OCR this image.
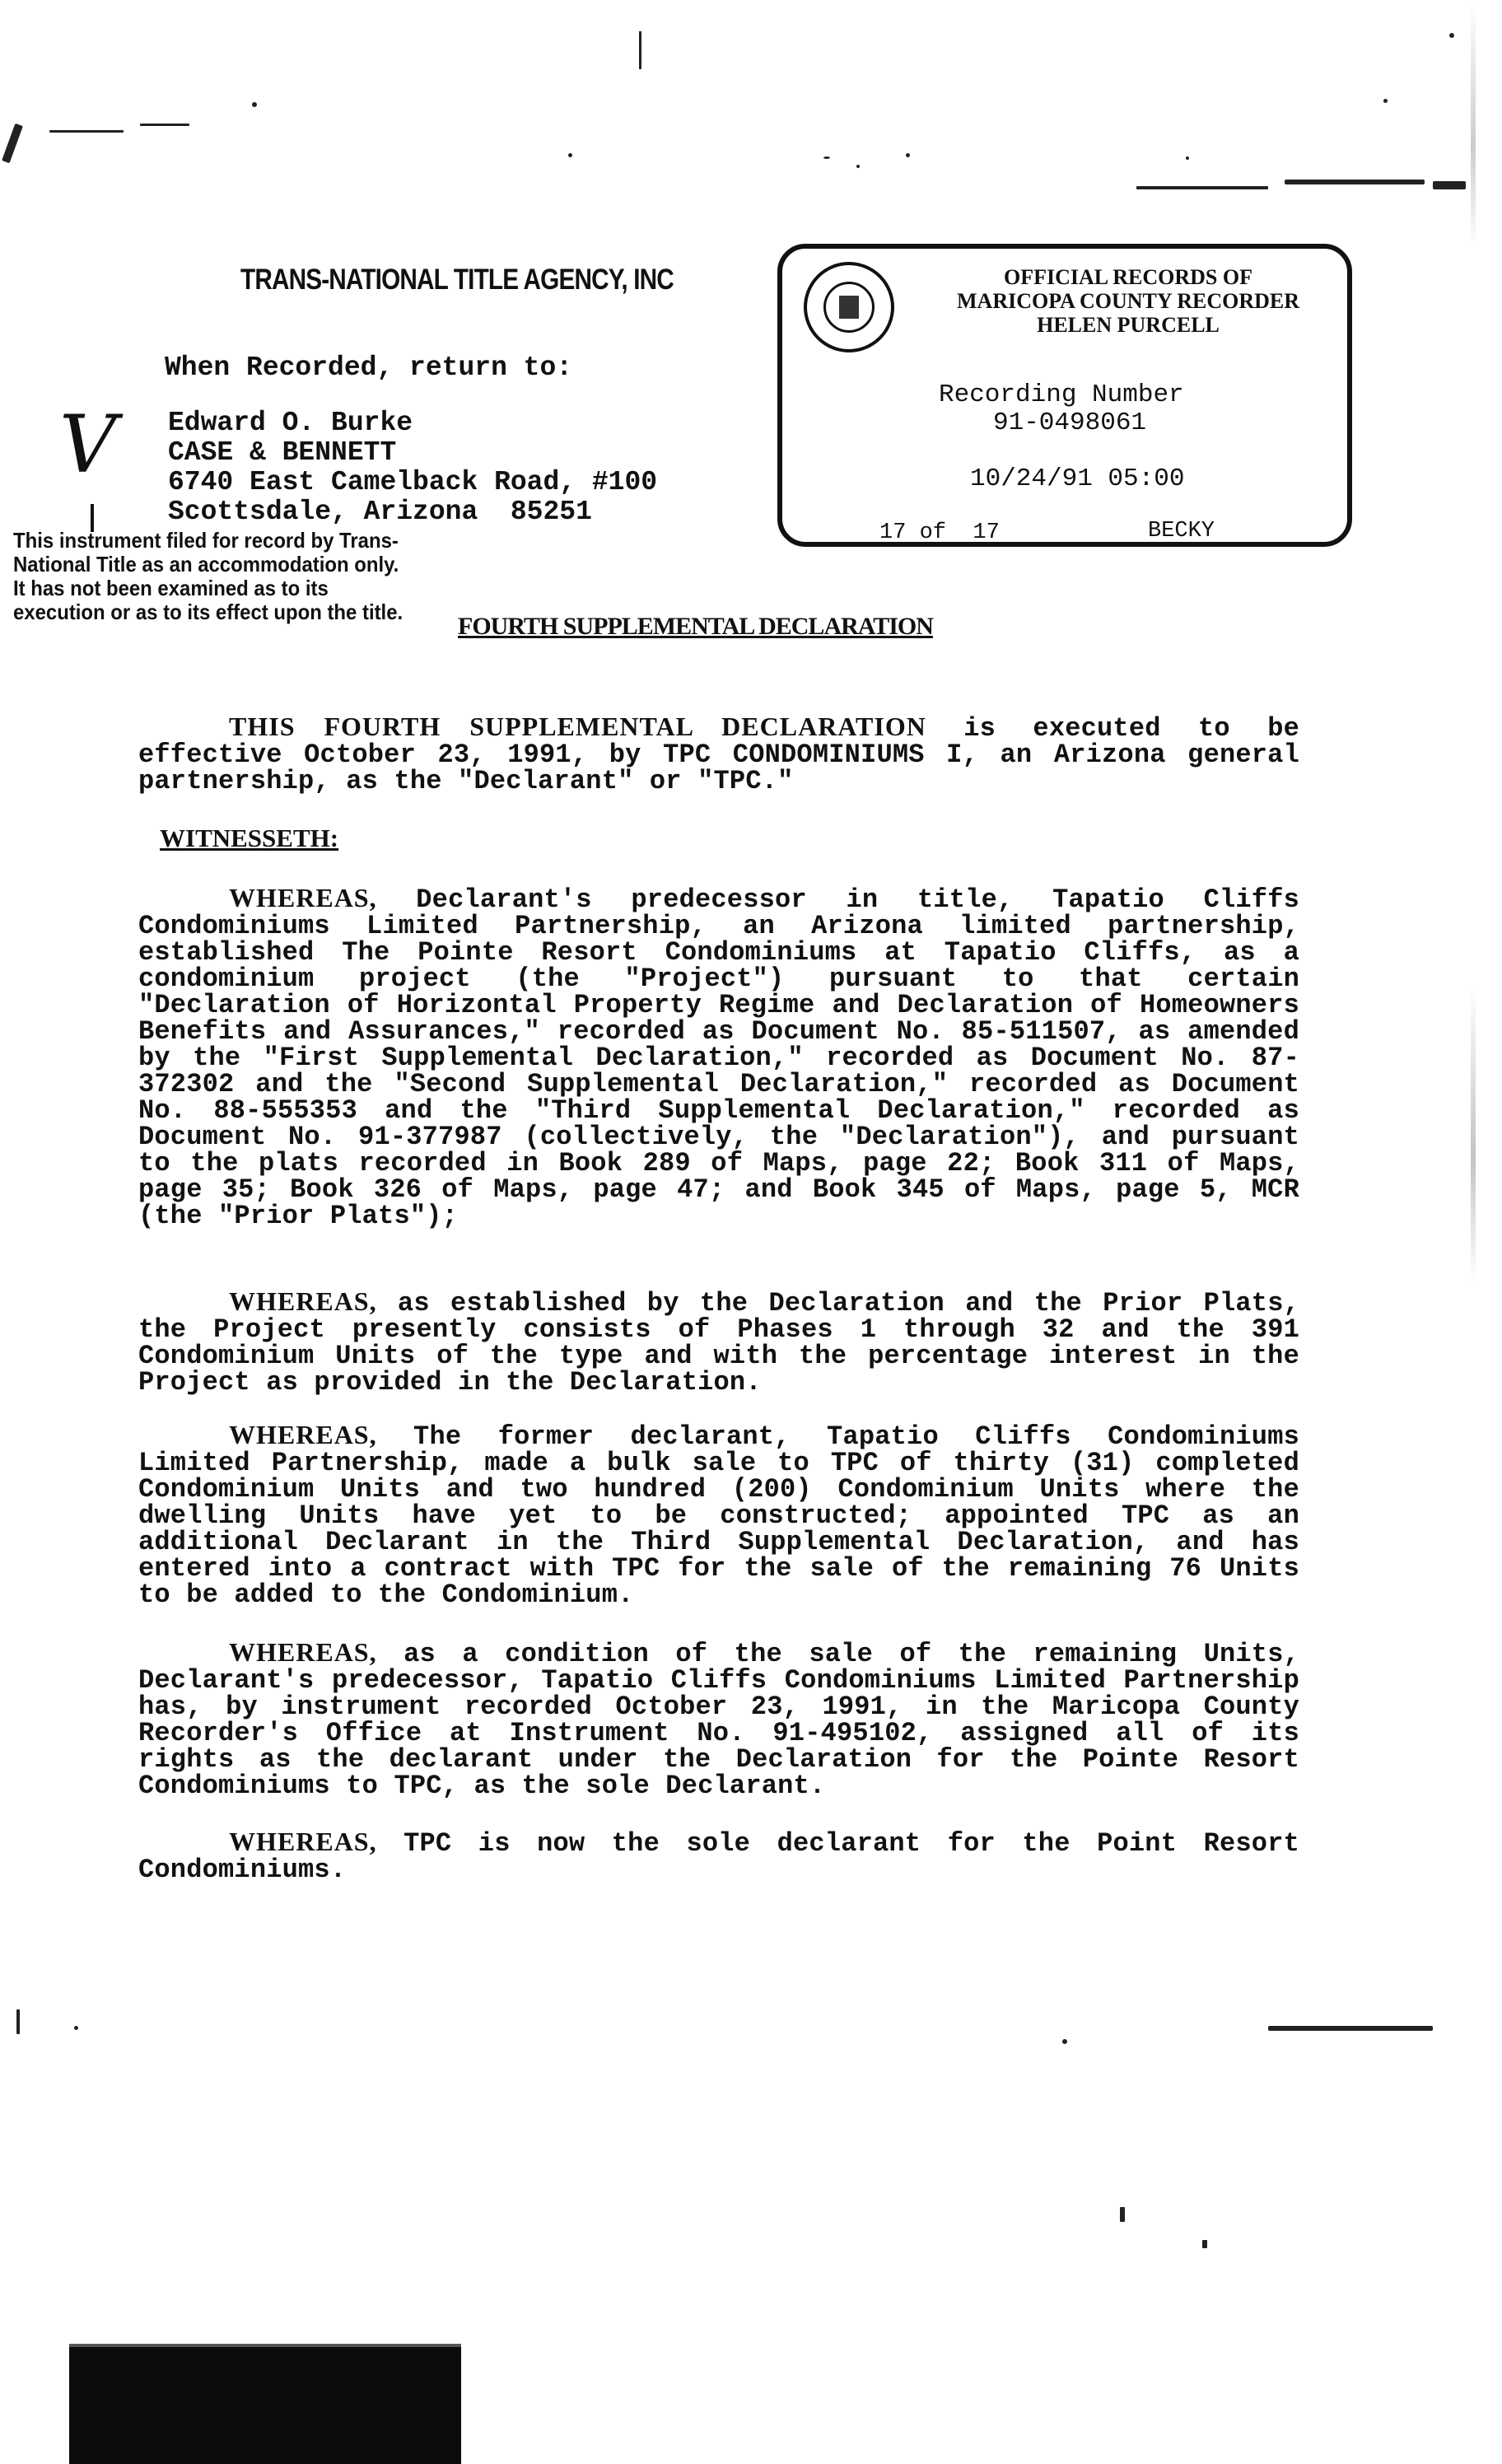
TRANS-NATIONAL TITLE AGENCY, INC
When Recorded, return to:
V Edward O. Burke
CASE & BENNETT
6740 East Camelback Road, #100
Scottsdale, Arizona  85251
OFFICIAL RECORDS OF
MARICOPA COUNTY RECORDER
HELEN PURCELL
Recording Number
91-0498061
10/24/91 05:00
17 of  17	BECKY
This instrument filed for record by Trans-National Title as an accommodation only. It has not been examined as to its execution or as to its effect upon the title.
FOURTH SUPPLEMENTAL DECLARATION
THIS FOURTH SUPPLEMENTAL DECLARATION is executed to be effective October 23, 1991, by TPC CONDOMINIUMS I, an Arizona general partnership, as the "Declarant" or "TPC."
WITNESSETH:
WHEREAS, Declarant's predecessor in title, Tapatio Cliffs Condominiums Limited Partnership, an Arizona limited partnership, established The Pointe Resort Condominiums at Tapatio Cliffs, as a condominium project (the "Project") pursuant to that certain "Declaration of Horizontal Property Regime and Declaration of Homeowners Benefits and Assurances," recorded as Document No. 85-511507, as amended by the "First Supplemental Declaration," recorded as Document No. 87-372302 and the "Second Supplemental Declaration," recorded as Document No. 88-555353 and the "Third Supplemental Declaration," recorded as Document No. 91-377987 (collectively, the "Declaration"), and pursuant to the plats recorded in Book 289 of Maps, page 22; Book 311 of Maps, page 35; Book 326 of Maps, page 47; and Book 345 of Maps, page 5, MCR (the "Prior Plats");
WHEREAS, as established by the Declaration and the Prior Plats, the Project presently consists of Phases 1 through 32 and the 391 Condominium Units of the type and with the percentage interest in the Project as provided in the Declaration.
WHEREAS, The former declarant, Tapatio Cliffs Condominiums Limited Partnership, made a bulk sale to TPC of thirty (31) completed Condominium Units and two hundred (200) Condominium Units where the dwelling Units have yet to be constructed; appointed TPC as an additional Declarant in the Third Supplemental Declaration, and has entered into a contract with TPC for the sale of the remaining 76 Units to be added to the Condominium.
WHEREAS, as a condition of the sale of the remaining Units, Declarant's predecessor, Tapatio Cliffs Condominiums Limited Partnership has, by instrument recorded October 23, 1991, in the Maricopa County Recorder's Office at Instrument No. 91-495102, assigned all of its rights as the declarant under the Declaration for the Pointe Resort Condominiums to TPC, as the sole Declarant.
WHEREAS, TPC is now the sole declarant for the Point Resort Condominiums.
